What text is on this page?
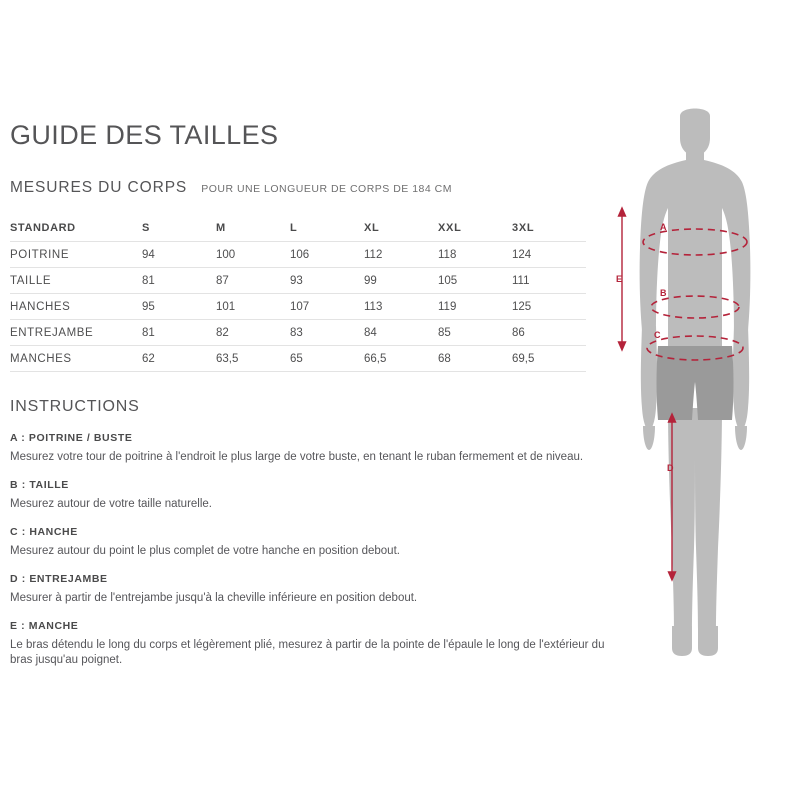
GUIDE DES TAILLES
MESURES DU CORPS POUR UNE LONGUEUR DE CORPS DE 184 CM
STANDARD	S	M	L	XL	XXL	3XL
POITRINE	94	100	106	112	118	124
TAILLE	81	87	93	99	105	111
HANCHES	95	101	107	113	119	125
ENTREJAMBE	81	82	83	84	85	86
MANCHES	62	63,5	65	66,5	68	69,5
INSTRUCTIONS
A : POITRINE / BUSTE
Mesurez votre tour de poitrine à l'endroit le plus large de votre buste, en tenant le ruban fermement et de niveau.
B : TAILLE
Mesurez autour de votre taille naturelle.
C : HANCHE
Mesurez autour du point le plus complet de votre hanche en position debout.
D : ENTREJAMBE
Mesurer à partir de l'entrejambe jusqu'à la cheville inférieure en position debout.
E : MANCHE
Le bras détendu le long du corps et légèrement plié, mesurez à partir de la pointe de l'épaule le long de l'extérieur du bras jusqu'au poignet.
A
B
C
D
E
